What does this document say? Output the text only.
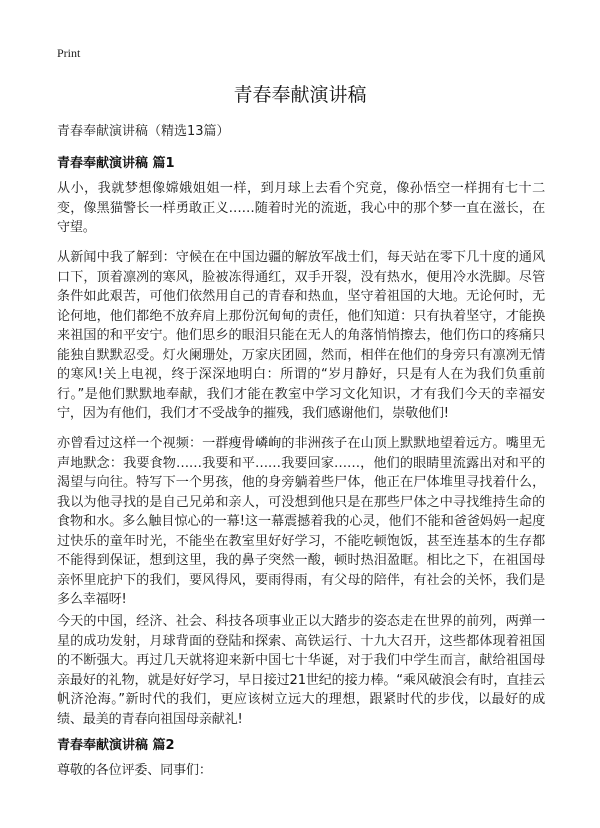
Print
青春奉献演讲稿

青春奉献演讲稿（精选13篇）

青春奉献演讲稿 篇1

从小，我就梦想像嫦娥姐姐一样，到月球上去看个究竟，像孙悟空一样拥有七十二变，像黑猫警长一样勇敢正义……随着时光的流逝，我心中的那个梦一直在滋长，在守望。

从新闻中我了解到：守候在在中国边疆的解放军战士们，每天站在零下几十度的通风口下，顶着凛冽的寒风，脸被冻得通红，双手开裂，没有热水，便用冷水洗脚。尽管条件如此艰苦，可他们依然用自己的青春和热血，坚守着祖国的大地。无论何时，无论何地，他们都绝不放弃肩上那份沉甸甸的责任，他们知道：只有执着坚守，才能换来祖国的和平安宁。他们思乡的眼泪只能在无人的角落悄悄擦去，他们伤口的疼痛只能独自默默忍受。灯火阑珊处，万家庆团圆，然而，相伴在他们的身旁只有凛冽无情的寒风!关上电视，终于深深地明白：所谓的“岁月静好，只是有人在为我们负重前行。”是他们默默地奉献，我们才能在教室中学习文化知识，才有我们今天的幸福安宁，因为有他们，我们才不受战争的摧残，我们感谢他们，崇敬他们!

亦曾看过这样一个视频：一群瘦骨嶙峋的非洲孩子在山顶上默默地望着远方。嘴里无声地默念：我要食物……我要和平……我要回家……，他们的眼睛里流露出对和平的渴望与向往。特写下一个男孩，他的身旁躺着些尸体，他正在尸体堆里寻找着什么，我以为他寻找的是自己兄弟和亲人，可没想到他只是在那些尸体之中寻找维持生命的食物和水。多么触目惊心的一幕!这一幕震撼着我的心灵，他们不能和爸爸妈妈一起度过快乐的童年时光，不能坐在教室里好好学习，不能吃顿饱饭，甚至连基本的生存都不能得到保证，想到这里，我的鼻子突然一酸，顿时热泪盈眶。相比之下，在祖国母亲怀里庇护下的我们，要风得风，要雨得雨，有父母的陪伴，有社会的关怀，我们是多么幸福呀!

今天的中国，经济、社会、科技各项事业正以大踏步的姿态走在世界的前列，两弹一星的成功发射，月球背面的登陆和探索、高铁运行、十九大召开，这些都体现着祖国的不断强大。再过几天就将迎来新中国七十华诞，对于我们中学生而言，献给祖国母亲最好的礼物，就是好好学习，早日接过21世纪的接力棒。“乘风破浪会有时，直挂云帆济沧海。”新时代的我们，更应该树立远大的理想，跟紧时代的步伐，以最好的成绩、最美的青春向祖国母亲献礼!

青春奉献演讲稿 篇2

尊敬的各位评委、同事们：
